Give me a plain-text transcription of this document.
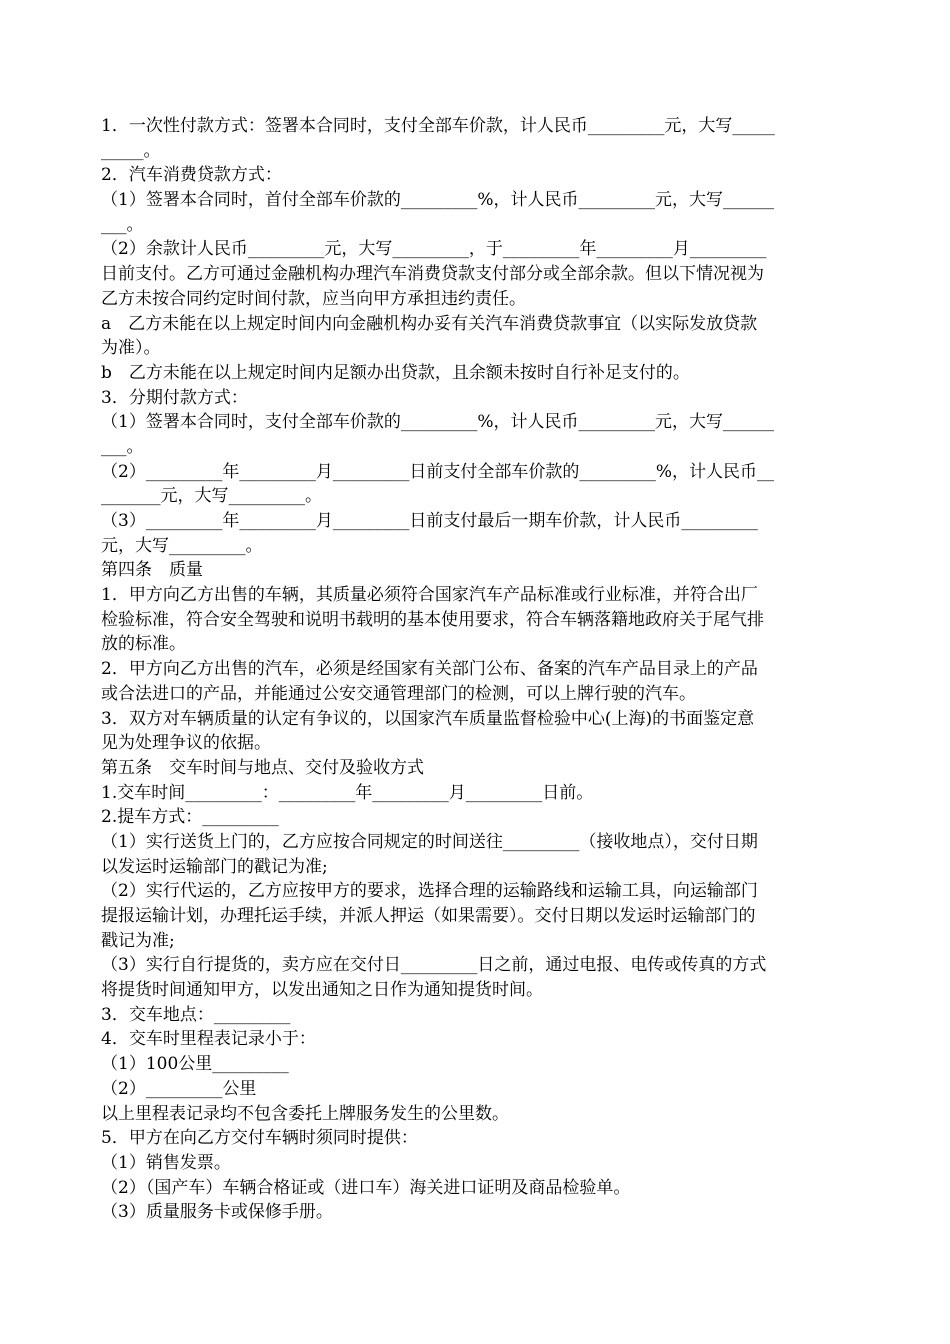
1．一次性付款方式：签署本合同时，支付全部车价款，计人民币_________元，大写_____
_____。
2．汽车消费贷款方式：
（1）签署本合同时，首付全部车价款的_________%，计人民币_________元，大写______
___。
（2）余款计人民币_________元，大写_________，于_________年_________月_________
日前支付。乙方可通过金融机构办理汽车消费贷款支付部分或全部余款。但以下情况视为
乙方未按合同约定时间付款，应当向甲方承担违约责任。
a　乙方未能在以上规定时间内向金融机构办妥有关汽车消费贷款事宜（以实际发放贷款
为准）。
b　乙方未能在以上规定时间内足额办出贷款，且余额未按时自行补足支付的。
3．分期付款方式：
（1）签署本合同时，支付全部车价款的_________%，计人民币_________元，大写______
___。
（2）_________年_________月_________日前支付全部车价款的_________%，计人民币__
_______元，大写_________。
（3）_________年_________月_________日前支付最后一期车价款，计人民币_________
元，大写_________。
第四条　质量
1．甲方向乙方出售的车辆，其质量必须符合国家汽车产品标准或行业标准，并符合出厂
检验标准，符合安全驾驶和说明书载明的基本使用要求，符合车辆落籍地政府关于尾气排
放的标准。
2．甲方向乙方出售的汽车，必须是经国家有关部门公布、备案的汽车产品目录上的产品
或合法进口的产品，并能通过公安交通管理部门的检测，可以上牌行驶的汽车。
3．双方对车辆质量的认定有争议的，以国家汽车质量监督检验中心(上海)的书面鉴定意
见为处理争议的依据。
第五条　交车时间与地点、交付及验收方式
1.交车时间_________：_________年_________月_________日前。
2.提车方式：_________
（1）实行送货上门的，乙方应按合同规定的时间送往_________（接收地点），交付日期
以发运时运输部门的戳记为准;
（2）实行代运的，乙方应按甲方的要求，选择合理的运输路线和运输工具，向运输部门
提报运输计划，办理托运手续，并派人押运（如果需要）。交付日期以发运时运输部门的
戳记为准;
（3）实行自行提货的，卖方应在交付日_________日之前，通过电报、电传或传真的方式
将提货时间通知甲方，以发出通知之日作为通知提货时间。
3．交车地点：_________
4．交车时里程表记录小于：
（1）100公里_________
（2）_________公里
以上里程表记录均不包含委托上牌服务发生的公里数。
5．甲方在向乙方交付车辆时须同时提供：
（1）销售发票。
（2）（国产车）车辆合格证或（进口车）海关进口证明及商品检验单。
（3）质量服务卡或保修手册。
